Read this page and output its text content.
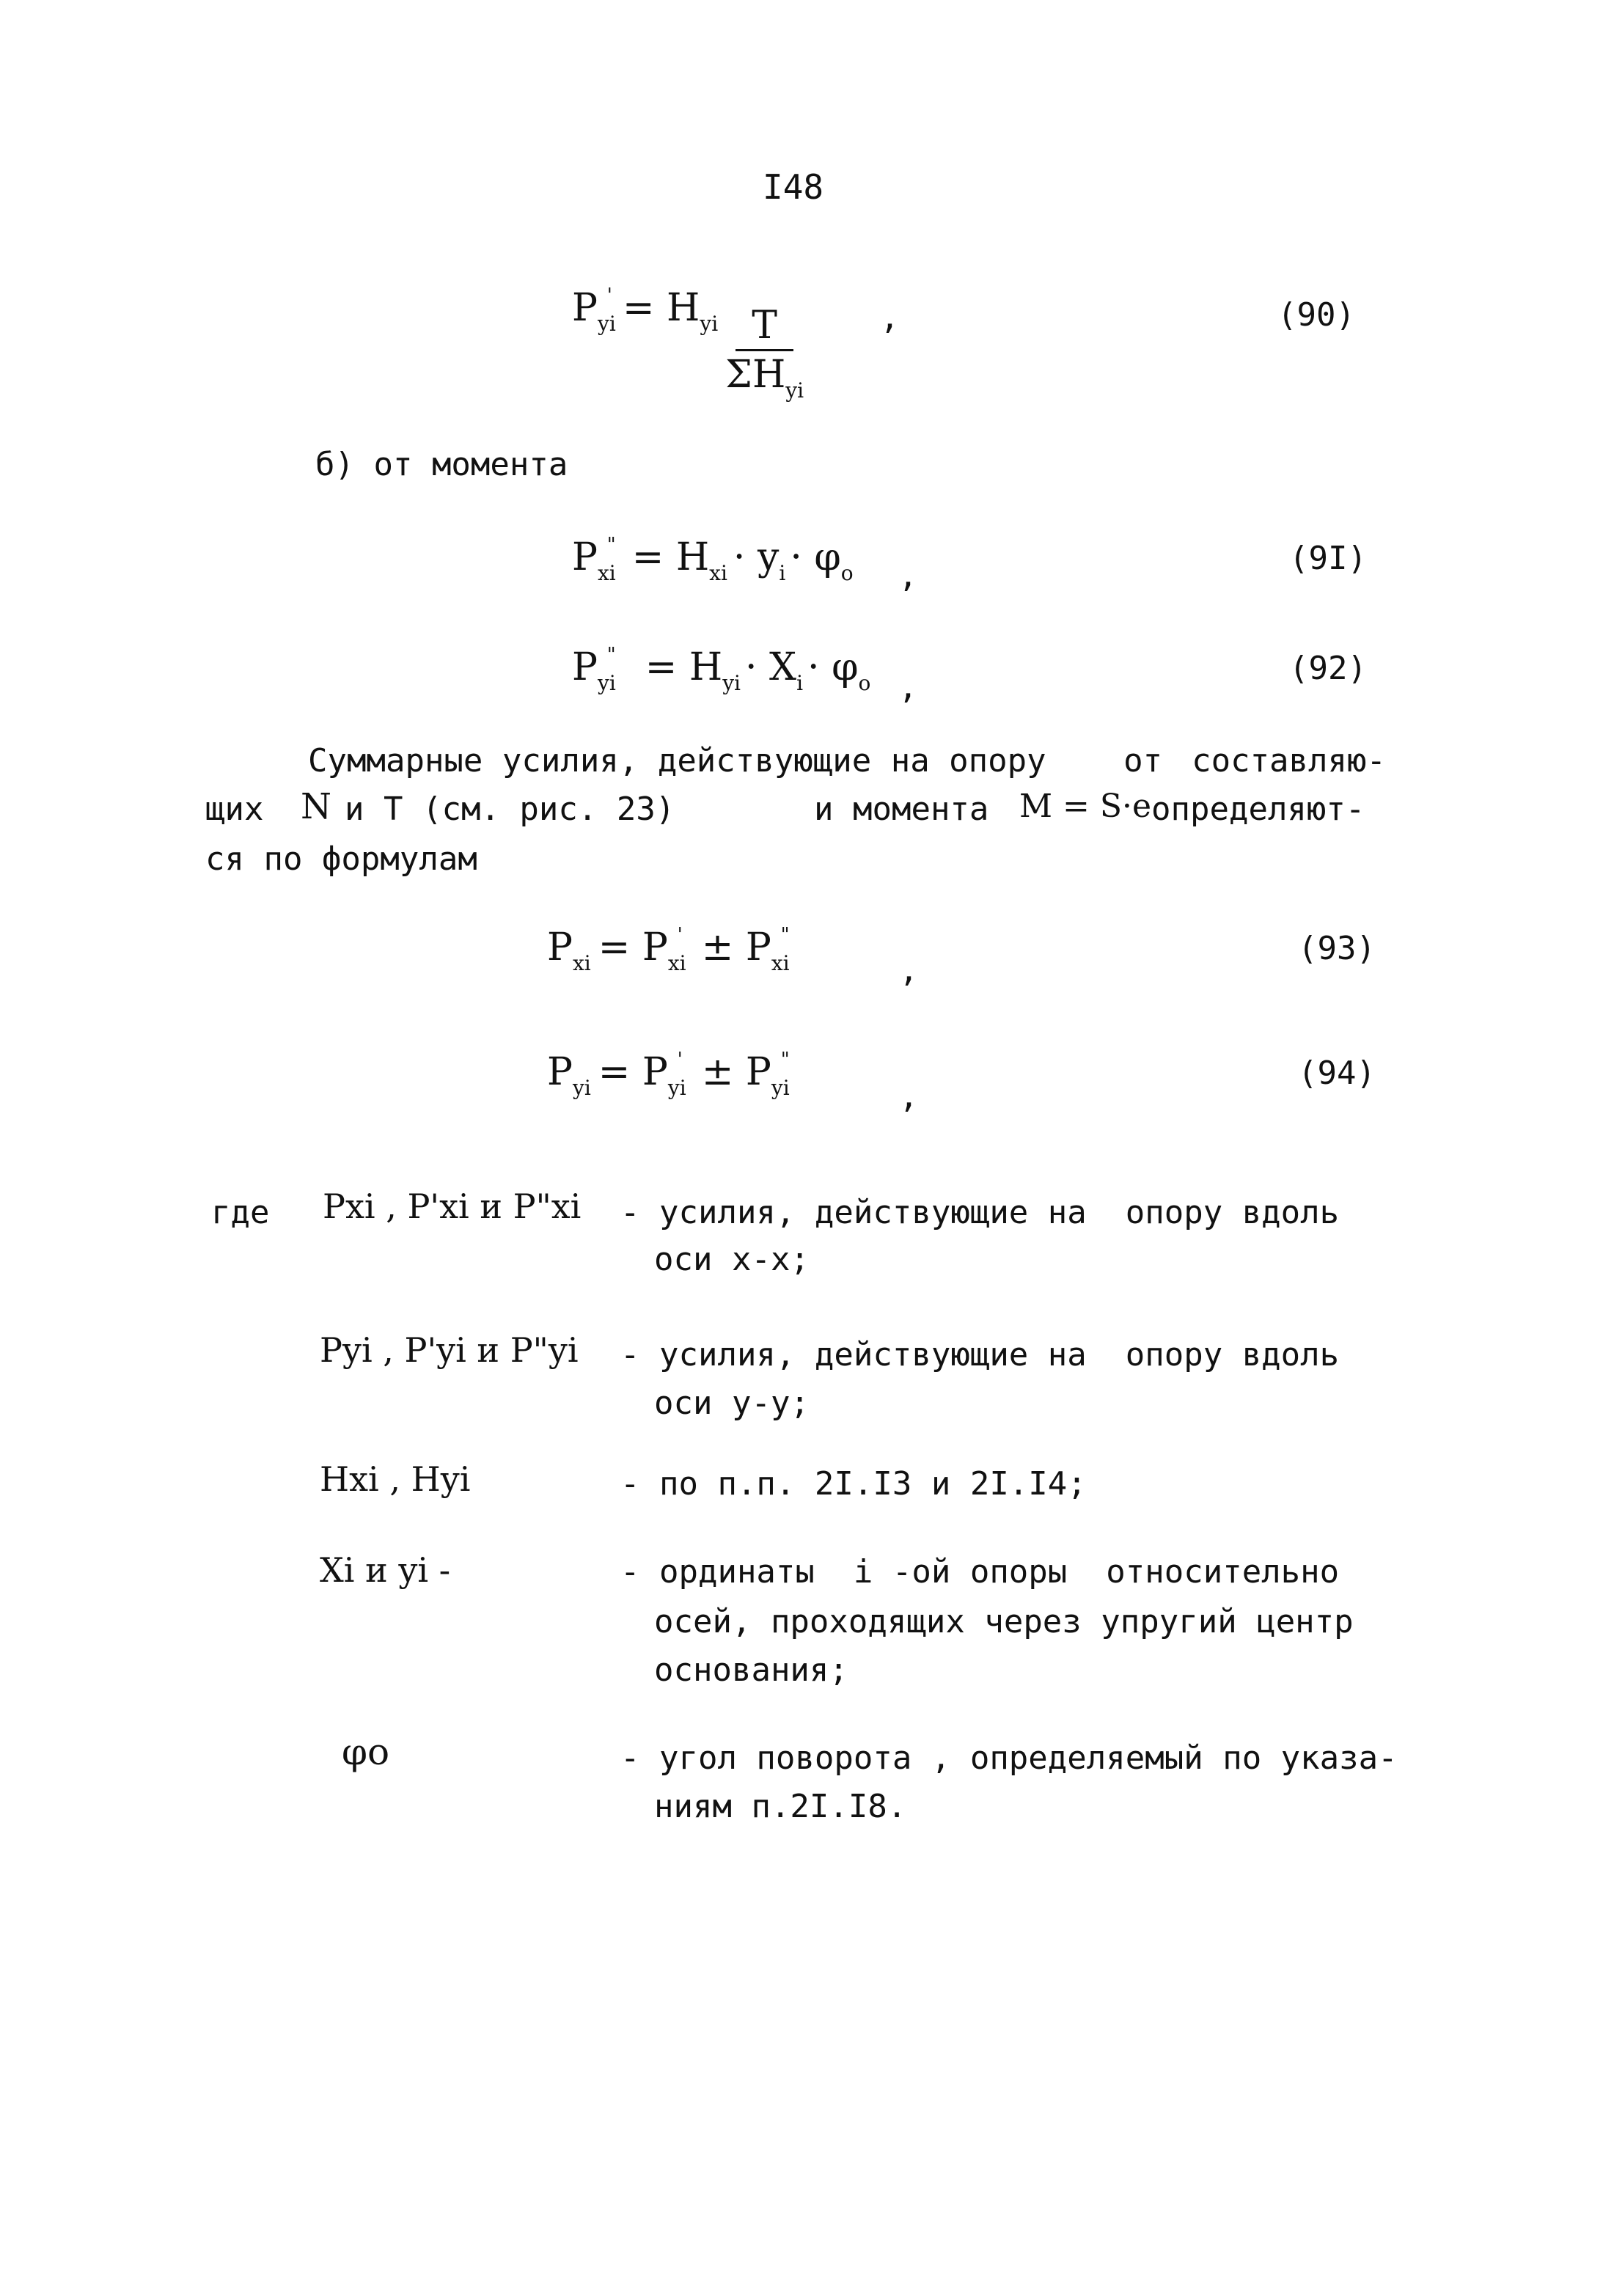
I48
P yi
' = H yi $\frac{T}{\Sigma H_{yi}}$ ,	(90)
б) от момента
P xi
" = H xi · y i · φ o ,	(9I)
P yi
" = H yi · X i · φ o ,
(92)
Суммарные усилия, действующие на опору от составляю-
щих N и Т (см. рис. 23)	и момента M = S·e определяют-
ся по формулам
P xi = P xi
' ± P xi
"
,
(93)
P yi = P yi
' ± P yi
"
,
(94)
где Pxi , P'xi и P"xi - усилия, действующие на  опору вдоль
оси x-x;
Pyi , P'yi и P"yi - усилия, действующие на  опору вдоль
оси y-y;
Hxi , Hyi	- по п.п. 2I.I3 и 2I.I4;
Xi и yi -	- ординаты  i -ой опоры  относительно
осей, проходящих через упругий центр
основания;
φo	- угол поворота , определяемый по указа-
ниям п.2I.I8.
